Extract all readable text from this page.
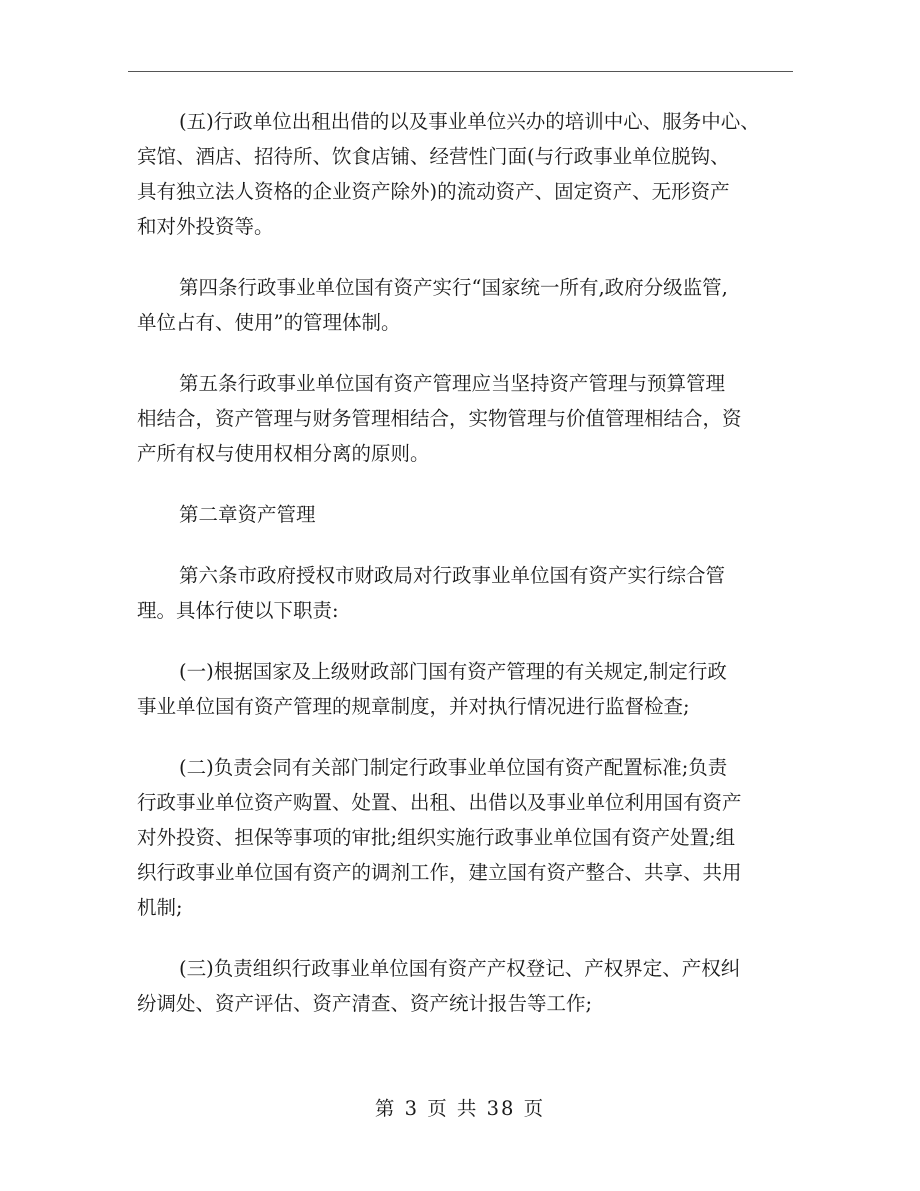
(五)行政单位出租出借的以及事业单位兴办的培训中心、服务中心、
宾馆、酒店、招待所、饮食店铺、经营性门面(与行政事业单位脱钩、
具有独立法人资格的企业资产除外)的流动资产、固定资产、无形资产
和对外投资等。

第四条行政事业单位国有资产实行“国家统一所有,政府分级监管,
单位占有、使用”的管理体制。

第五条行政事业单位国有资产管理应当坚持资产管理与预算管理
相结合，资产管理与财务管理相结合，实物管理与价值管理相结合，资
产所有权与使用权相分离的原则。

第二章资产管理

第六条市政府授权市财政局对行政事业单位国有资产实行综合管
理。具体行使以下职责:

(一)根据国家及上级财政部门国有资产管理的有关规定,制定行政
事业单位国有资产管理的规章制度，并对执行情况进行监督检查;

(二)负责会同有关部门制定行政事业单位国有资产配置标准;负责
行政事业单位资产购置、处置、出租、出借以及事业单位利用国有资产
对外投资、担保等事项的审批;组织实施行政事业单位国有资产处置;组
织行政事业单位国有资产的调剂工作，建立国有资产整合、共享、共用
机制;

(三)负责组织行政事业单位国有资产产权登记、产权界定、产权纠
纷调处、资产评估、资产清查、资产统计报告等工作;

第 3 页 共 38 页
